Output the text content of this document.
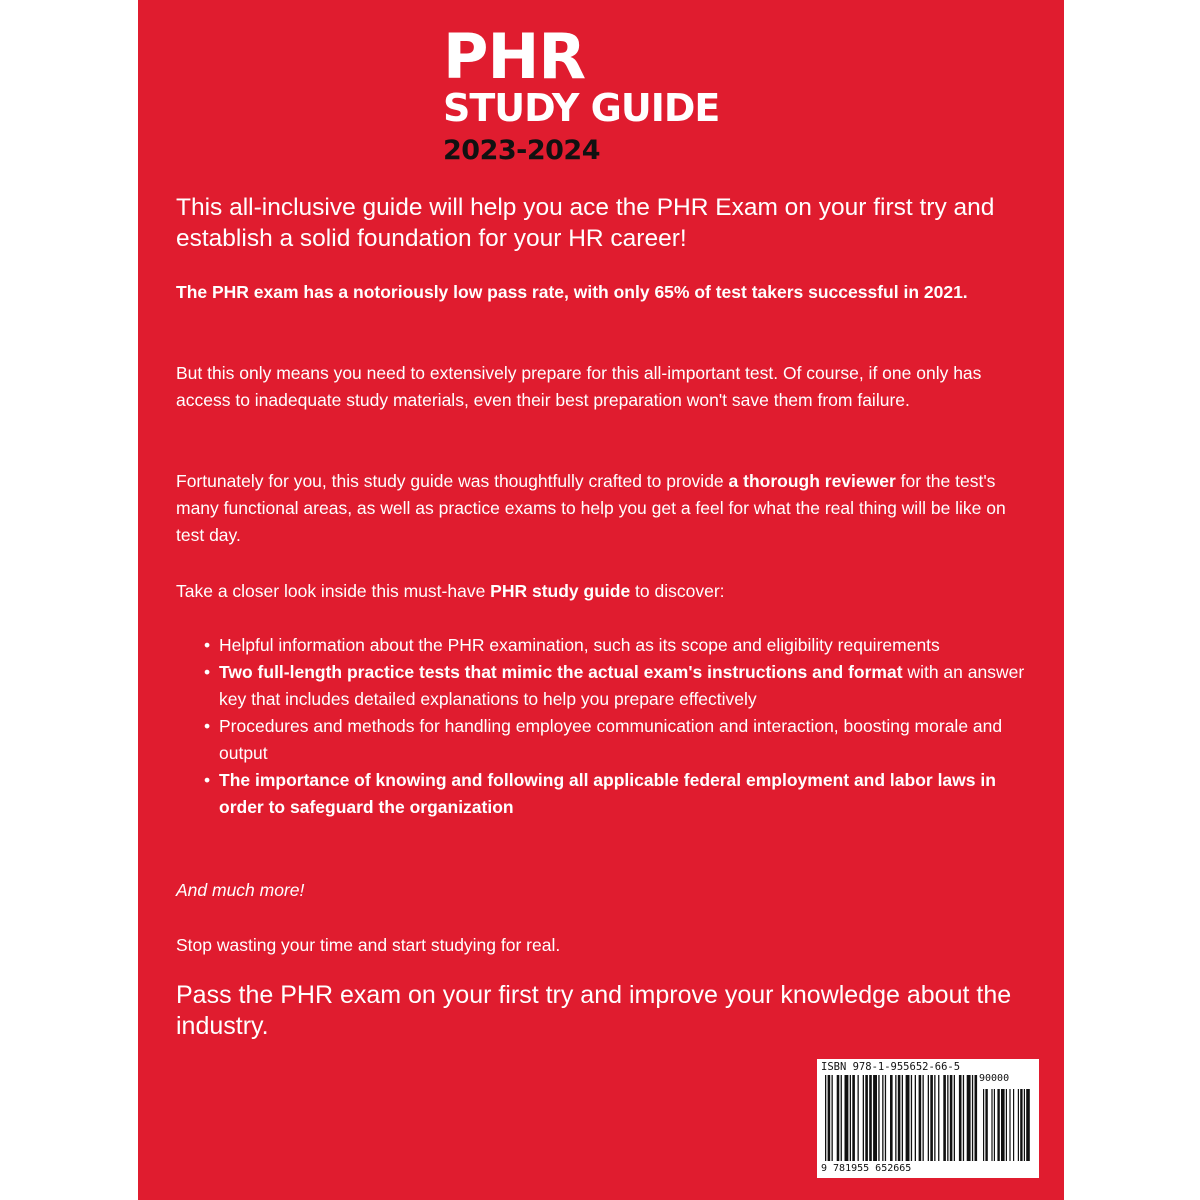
PHR
STUDY GUIDE
2023-2024
This all-inclusive guide will help you ace the PHR Exam on your first try and establish a solid foundation for your HR career!
The PHR exam has a notoriously low pass rate, with only 65% of test takers successful in 2021.
But this only means you need to extensively prepare for this all-important test. Of course, if one only has access to inadequate study materials, even their best preparation won't save them from failure.
Fortunately for you, this study guide was thoughtfully crafted to provide a thorough reviewer for the test's many functional areas, as well as practice exams to help you get a feel for what the real thing will be like on test day.
Take a closer look inside this must-have PHR study guide to discover:
• Helpful information about the PHR examination, such as its scope and eligibility requirements
• Two full-length practice tests that mimic the actual exam's instructions and format with an answer key that includes detailed explanations to help you prepare effectively
• Procedures and methods for handling employee communication and interaction, boosting morale and output
• The importance of knowing and following all applicable federal employment and labor laws in order to safeguard the organization
And much more!
Stop wasting your time and start studying for real.
Pass the PHR exam on your first try and improve your knowledge about the industry.
ISBN 978-1-955652-66-5
90000
9 781955 652665
